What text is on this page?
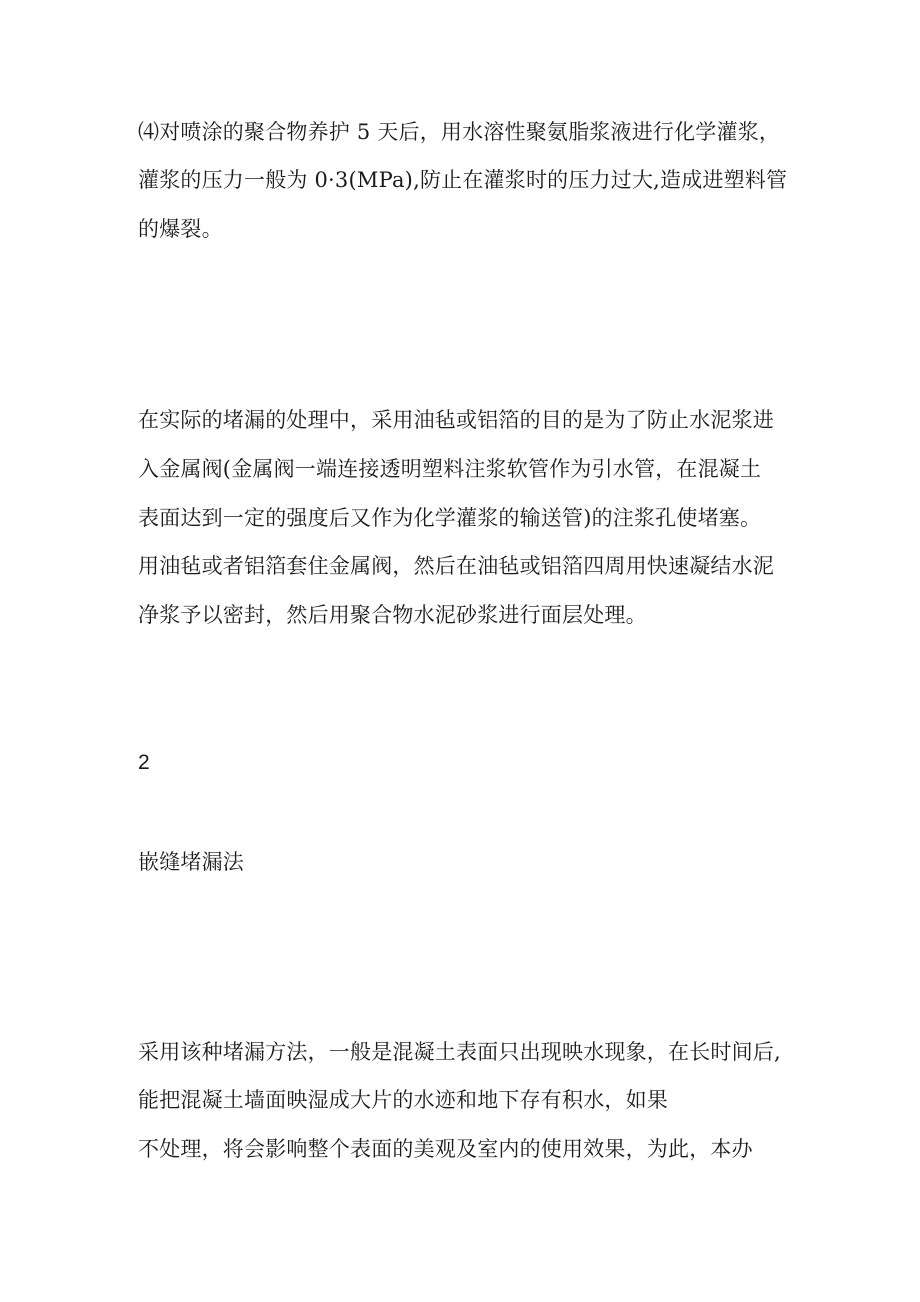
⑷对喷涂的聚合物养护 5 天后，用水溶性聚氨脂浆液进行化学灌浆，
灌浆的压力一般为 0·3(MPa),防止在灌浆时的压力过大,造成进塑料管
的爆裂。
在实际的堵漏的处理中，采用油毡或铝箔的目的是为了防止水泥浆进
入金属阀(金属阀一端连接透明塑料注浆软管作为引水管，在混凝土
表面达到一定的强度后又作为化学灌浆的输送管)的注浆孔使堵塞。
用油毡或者铝箔套住金属阀，然后在油毡或铝箔四周用快速凝结水泥
净浆予以密封，然后用聚合物水泥砂浆进行面层处理。
2
嵌缝堵漏法
采用该种堵漏方法，一般是混凝土表面只出现映水现象，在长时间后,
能把混凝土墙面映湿成大片的水迹和地下存有积水，如果
不处理，将会影响整个表面的美观及室内的使用效果，为此，本办
